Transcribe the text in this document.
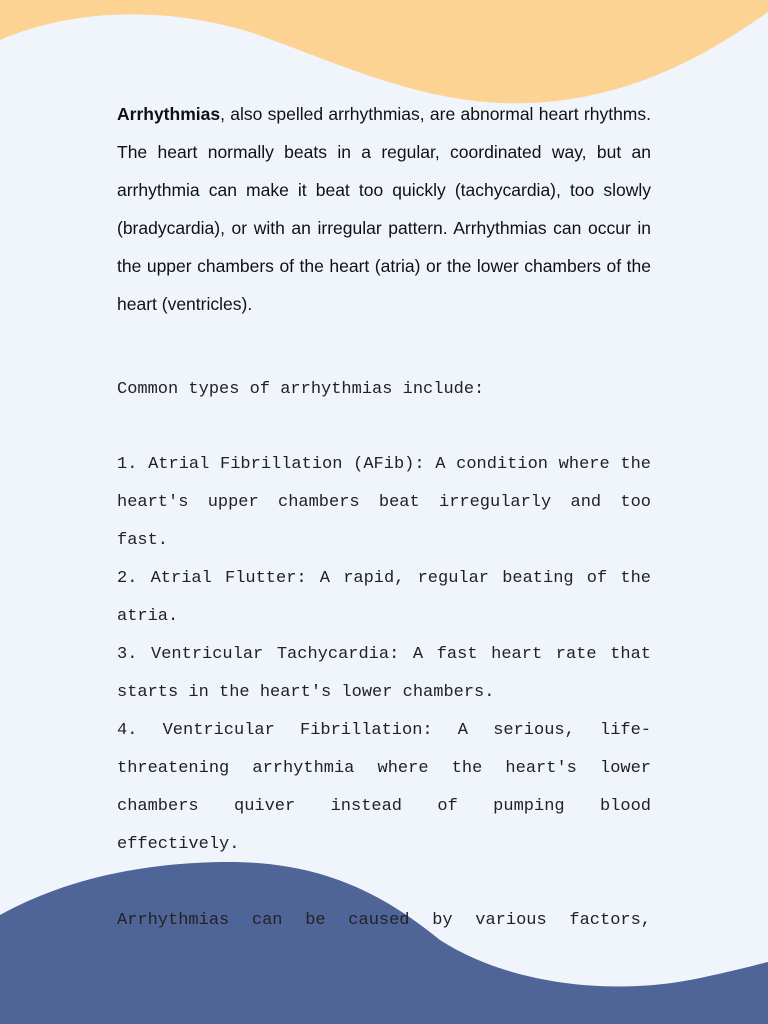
Arrhythmias, also spelled arrhythmias, are abnormal heart rhythms. The heart normally beats in a regular, coordinated way, but an arrhythmia can make it beat too quickly (tachycardia), too slowly (bradycardia), or with an irregular pattern. Arrhythmias can occur in the upper chambers of the heart (atria) or the lower chambers of the heart (ventricles).

Common types of arrhythmias include:

1. Atrial Fibrillation (AFib): A condition where the heart's upper chambers beat irregularly and too fast.
2. Atrial Flutter: A rapid, regular beating of the atria.
3. Ventricular Tachycardia: A fast heart rate that starts in the heart's lower chambers.
4. Ventricular Fibrillation: A serious, life-threatening arrhythmia where the heart's lower chambers quiver instead of pumping blood effectively.

Arrhythmias can be caused by various factors,
